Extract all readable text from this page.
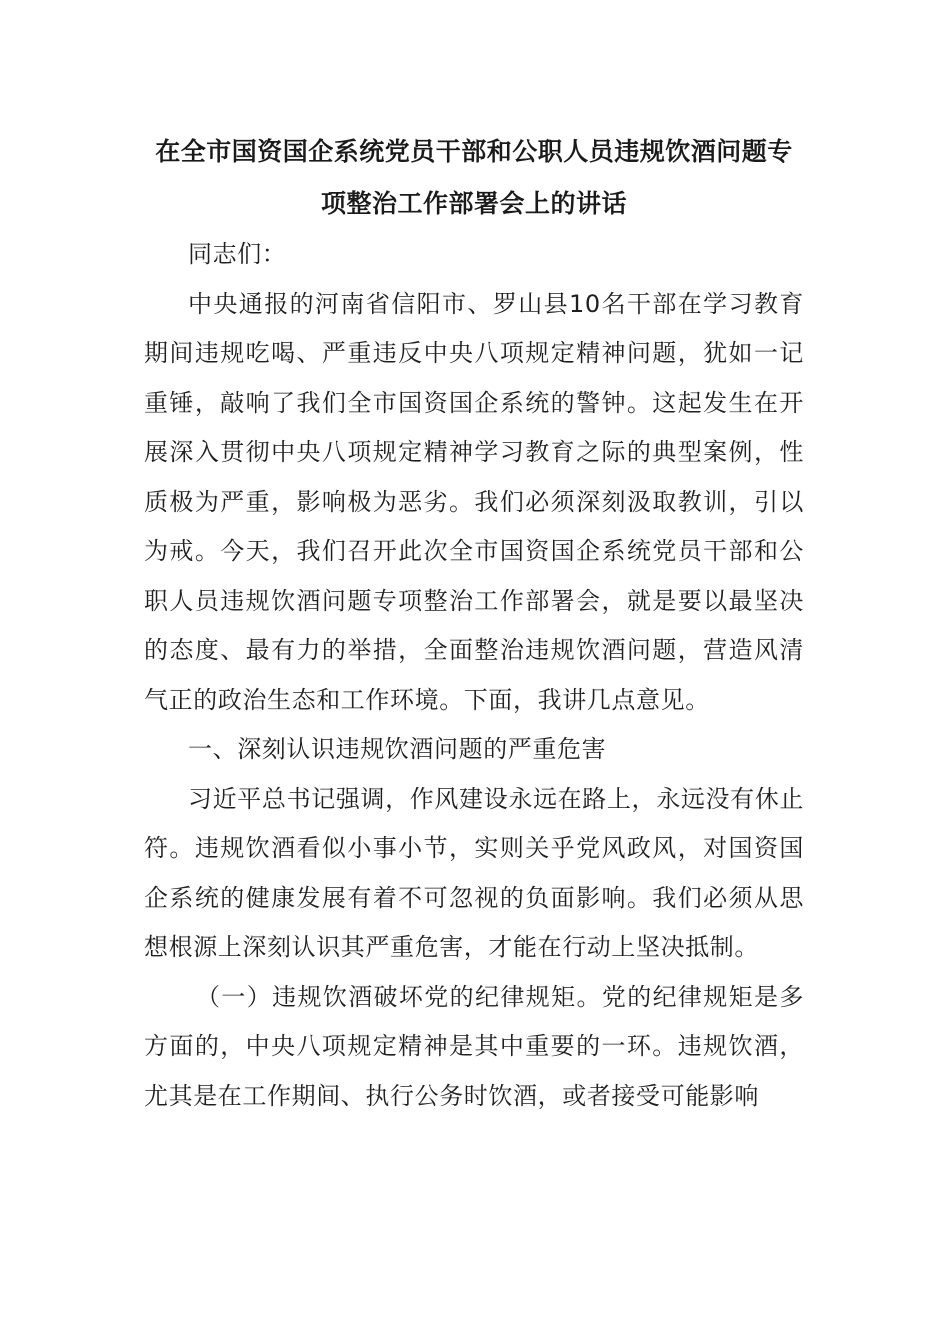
在全市国资国企系统党员干部和公职人员违规饮酒问题专项整治工作部署会上的讲话

同志们：

中央通报的河南省信阳市、罗山县10名干部在学习教育期间违规吃喝、严重违反中央八项规定精神问题，犹如一记重锤，敲响了我们全市国资国企系统的警钟。这起发生在开展深入贯彻中央八项规定精神学习教育之际的典型案例，性质极为严重，影响极为恶劣。我们必须深刻汲取教训，引以为戒。今天，我们召开此次全市国资国企系统党员干部和公职人员违规饮酒问题专项整治工作部署会，就是要以最坚决的态度、最有力的举措，全面整治违规饮酒问题，营造风清气正的政治生态和工作环境。下面，我讲几点意见。

一、深刻认识违规饮酒问题的严重危害

习近平总书记强调，作风建设永远在路上，永远没有休止符。违规饮酒看似小事小节，实则关乎党风政风，对国资国企系统的健康发展有着不可忽视的负面影响。我们必须从思想根源上深刻认识其严重危害，才能在行动上坚决抵制。

（一）违规饮酒破坏党的纪律规矩。党的纪律规矩是多方面的，中央八项规定精神是其中重要的一环。违规饮酒，尤其是在工作期间、执行公务时饮酒，或者接受可能影响
